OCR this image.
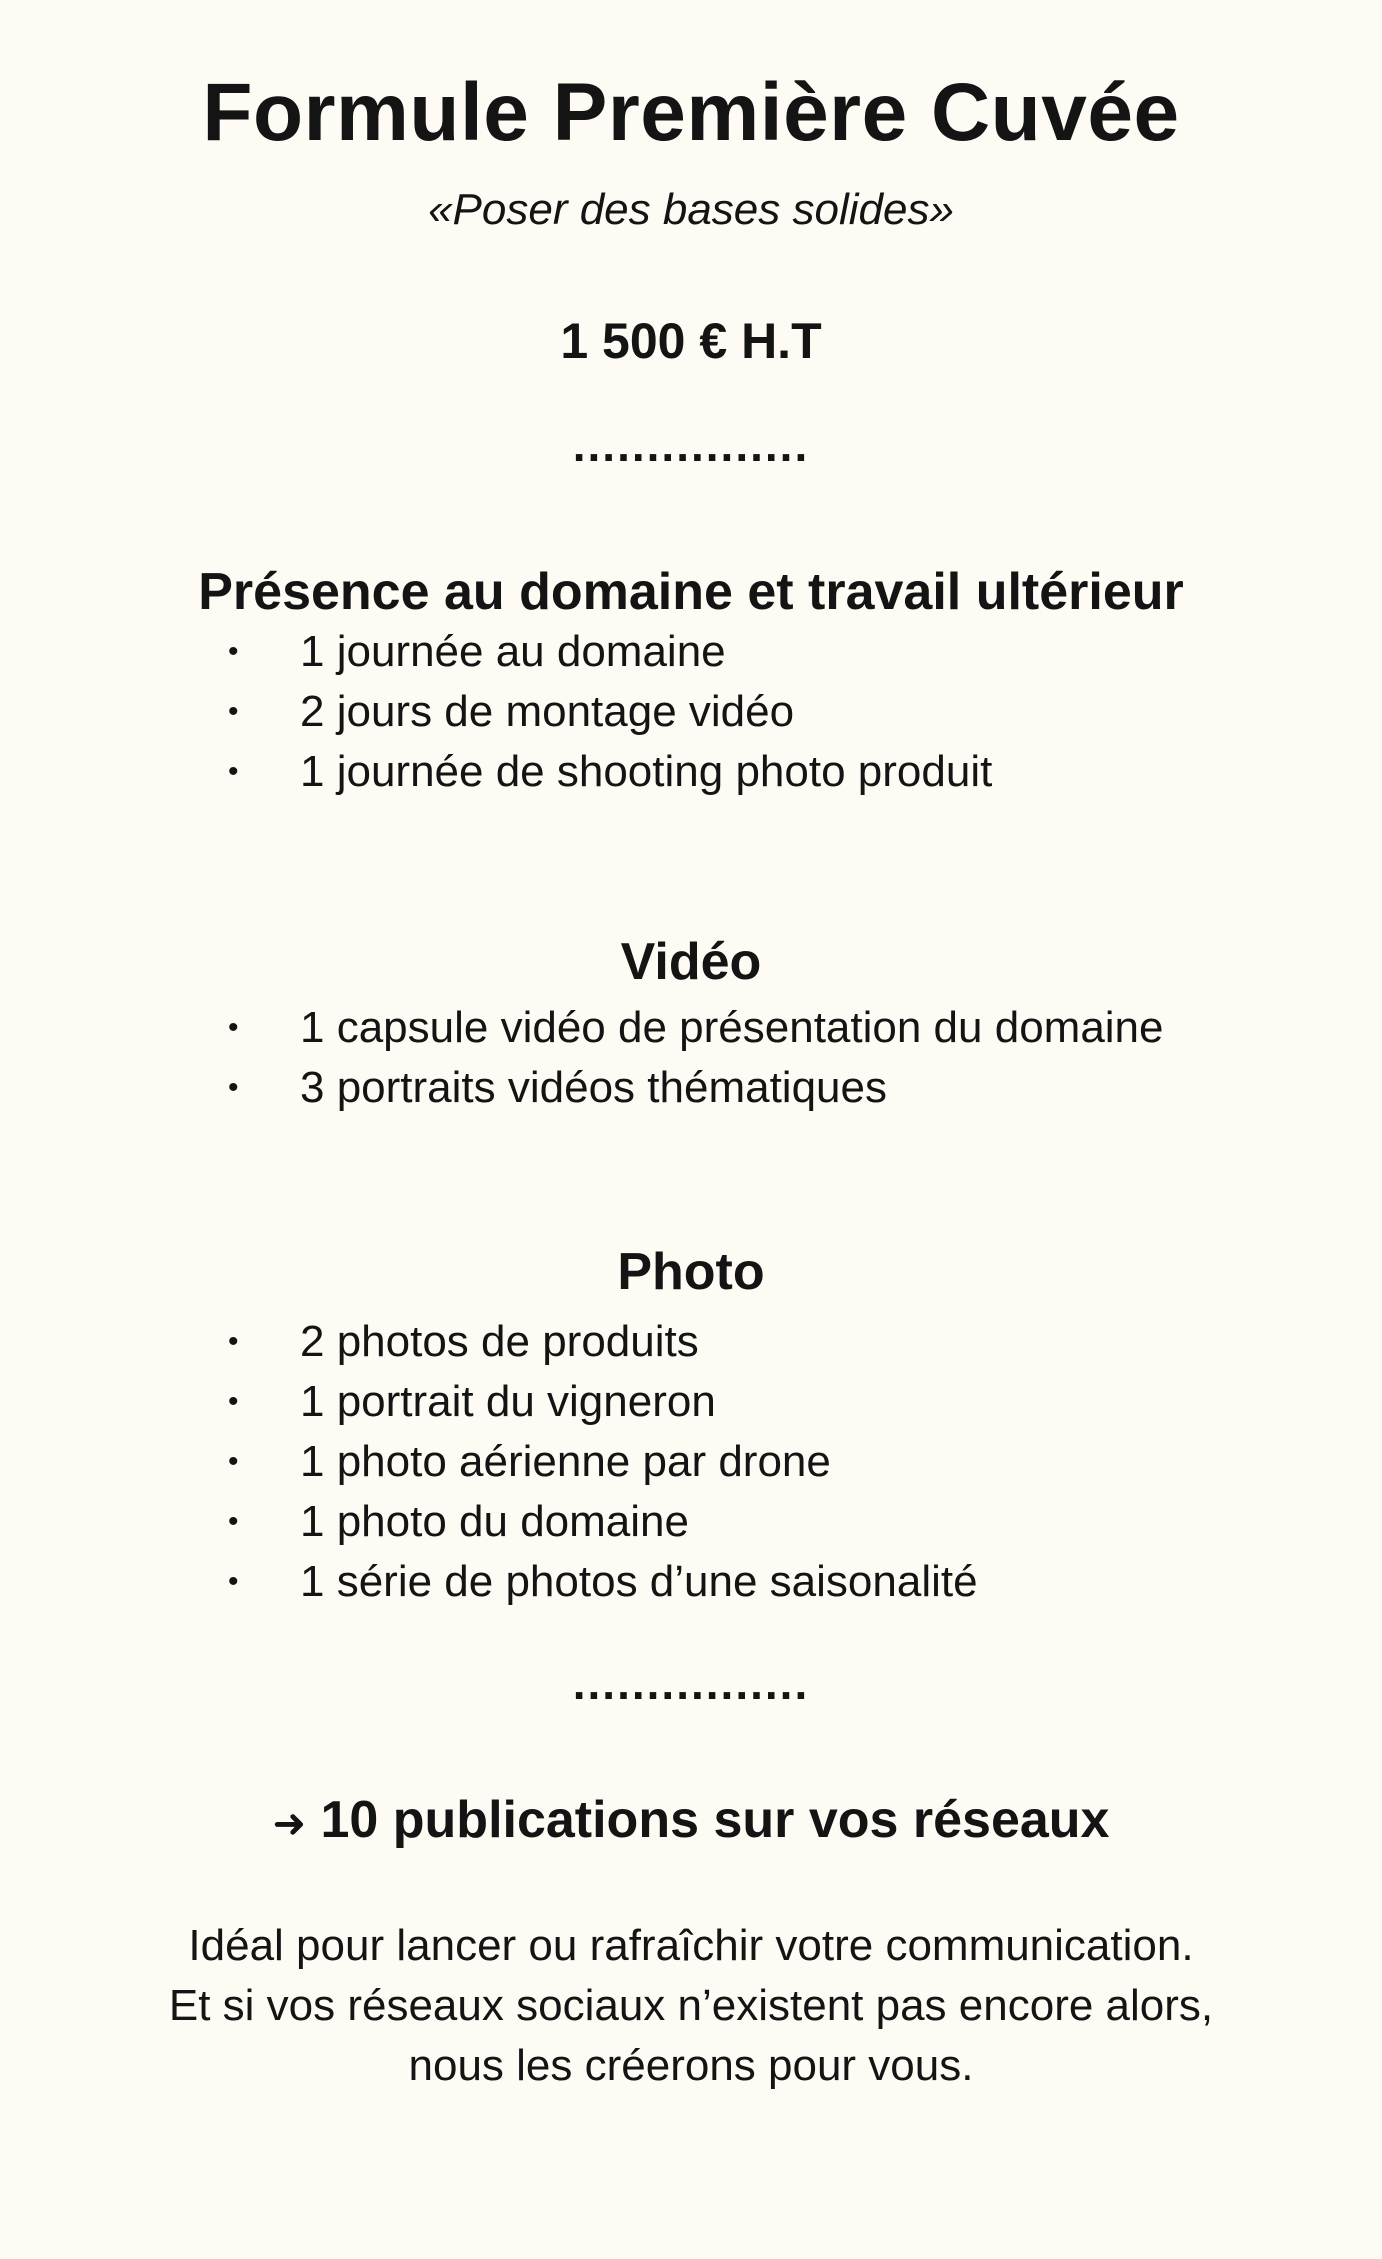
Formule Première Cuvée
«Poser des bases solides»
1 500 € H.T
................
Présence au domaine et travail ultérieur
• 1 journée au domaine
• 2 jours de montage vidéo
• 1 journée de shooting photo produit
Vidéo
• 1 capsule vidéo de présentation du domaine
• 3 portraits vidéos thématiques
Photo
• 2 photos de produits
• 1 portrait du vigneron
• 1 photo aérienne par drone
• 1 photo du domaine
• 1 série de photos d’une saisonalité
................
➜ 10 publications sur vos réseaux
Idéal pour lancer ou rafraîchir votre communication.
Et si vos réseaux sociaux n’existent pas encore alors,
nous les créerons pour vous.
